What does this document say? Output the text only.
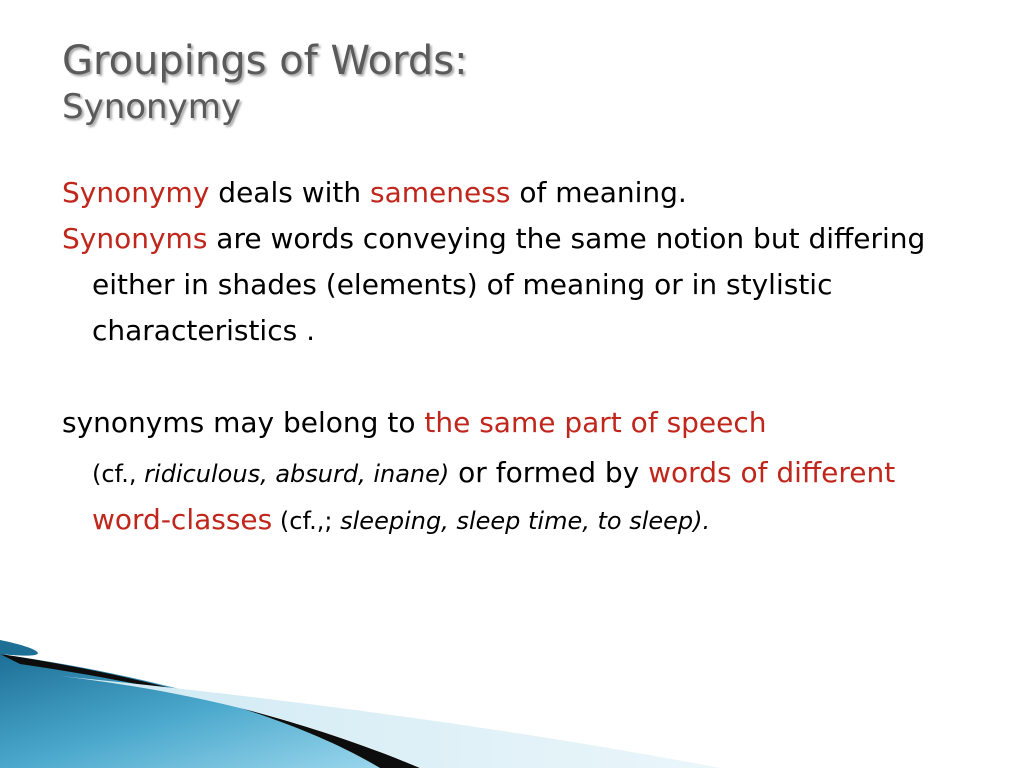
Groupings of Words:
Synonymy

Synonymy deals with sameness of meaning.

Synonyms are words conveying the same notion but differing either in shades (elements) of meaning or in stylistic characteristics .

synonyms may belong to the same part of speech

(cf., ridiculous, absurd, inane) or formed by words of different word-classes (cf.,; sleeping, sleep time, to sleep).
